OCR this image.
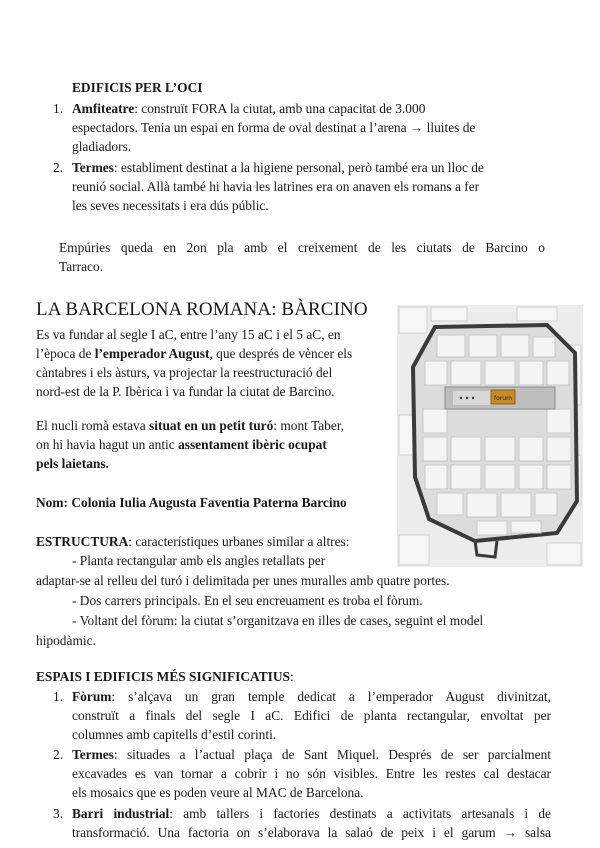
EDIFICIS PER L’OCI
1. Amfiteatre: construït FORA la ciutat, amb una capacitat de 3.000
espectadors. Tenia un espai en forma de oval destinat a l’arena → lluites de
gladiadors.
2. Termes: establiment destinat a la higiene personal, però també era un lloc de
reunió social. Allà també hi havia les latrines era on anaven els romans a fer
les seves necessitats i era dús públic.
Empúries queda en 2on pla amb el creixement de les ciutats de Barcino o
Tarraco.
LA BARCELONA ROMANA: BÀRCINO
Es va fundar al segle I aC, entre l’any 15 aC i el 5 aC, en
l’època de l’emperador August, que després de vèncer els
càntabres i els àsturs, va projectar la reestructuració del
nord-est de la P. Ibèrica i va fundar la ciutat de Barcino.
El nucli romà estava situat en un petit turó: mont Taber,
on hi havia hagut un antic assentament ibèric ocupat
pels laietans.
Nom: Colonia Iulia Augusta Faventia Paterna Barcino
ESTRUCTURA: característiques urbanes similar a altres:
- Planta rectangular amb els angles retallats per
adaptar-se al relleu del turó i delimitada per unes muralles amb quatre portes.
- Dos carrers principals. En el seu encreuament es troba el fòrum.
- Voltant del fòrum: la ciutat s’organitzava en illes de cases, seguint el model
hipodàmic.
ESPAIS I EDIFICIS MÉS SIGNIFICATIUS:
1. Fòrum: s’alçava un gran temple dedicat a l’emperador August divinitzat,
construït a finals del segle I aC. Edifici de planta rectangular, envoltat per
columnes amb capitells d’estil corinti.
2. Termes: situades a l’actual plaça de Sant Miquel. Després de ser parcialment
excavades es van tornar a cobrir i no són visibles. Entre les restes cal destacar
els mosaics que es poden veure al MAC de Barcelona.
3. Barri industrial: amb tallers i factories destinats a activitats artesanals i de
transformació. Una factoria on s’elaborava la salaó de peix i el garum → salsa
forum
